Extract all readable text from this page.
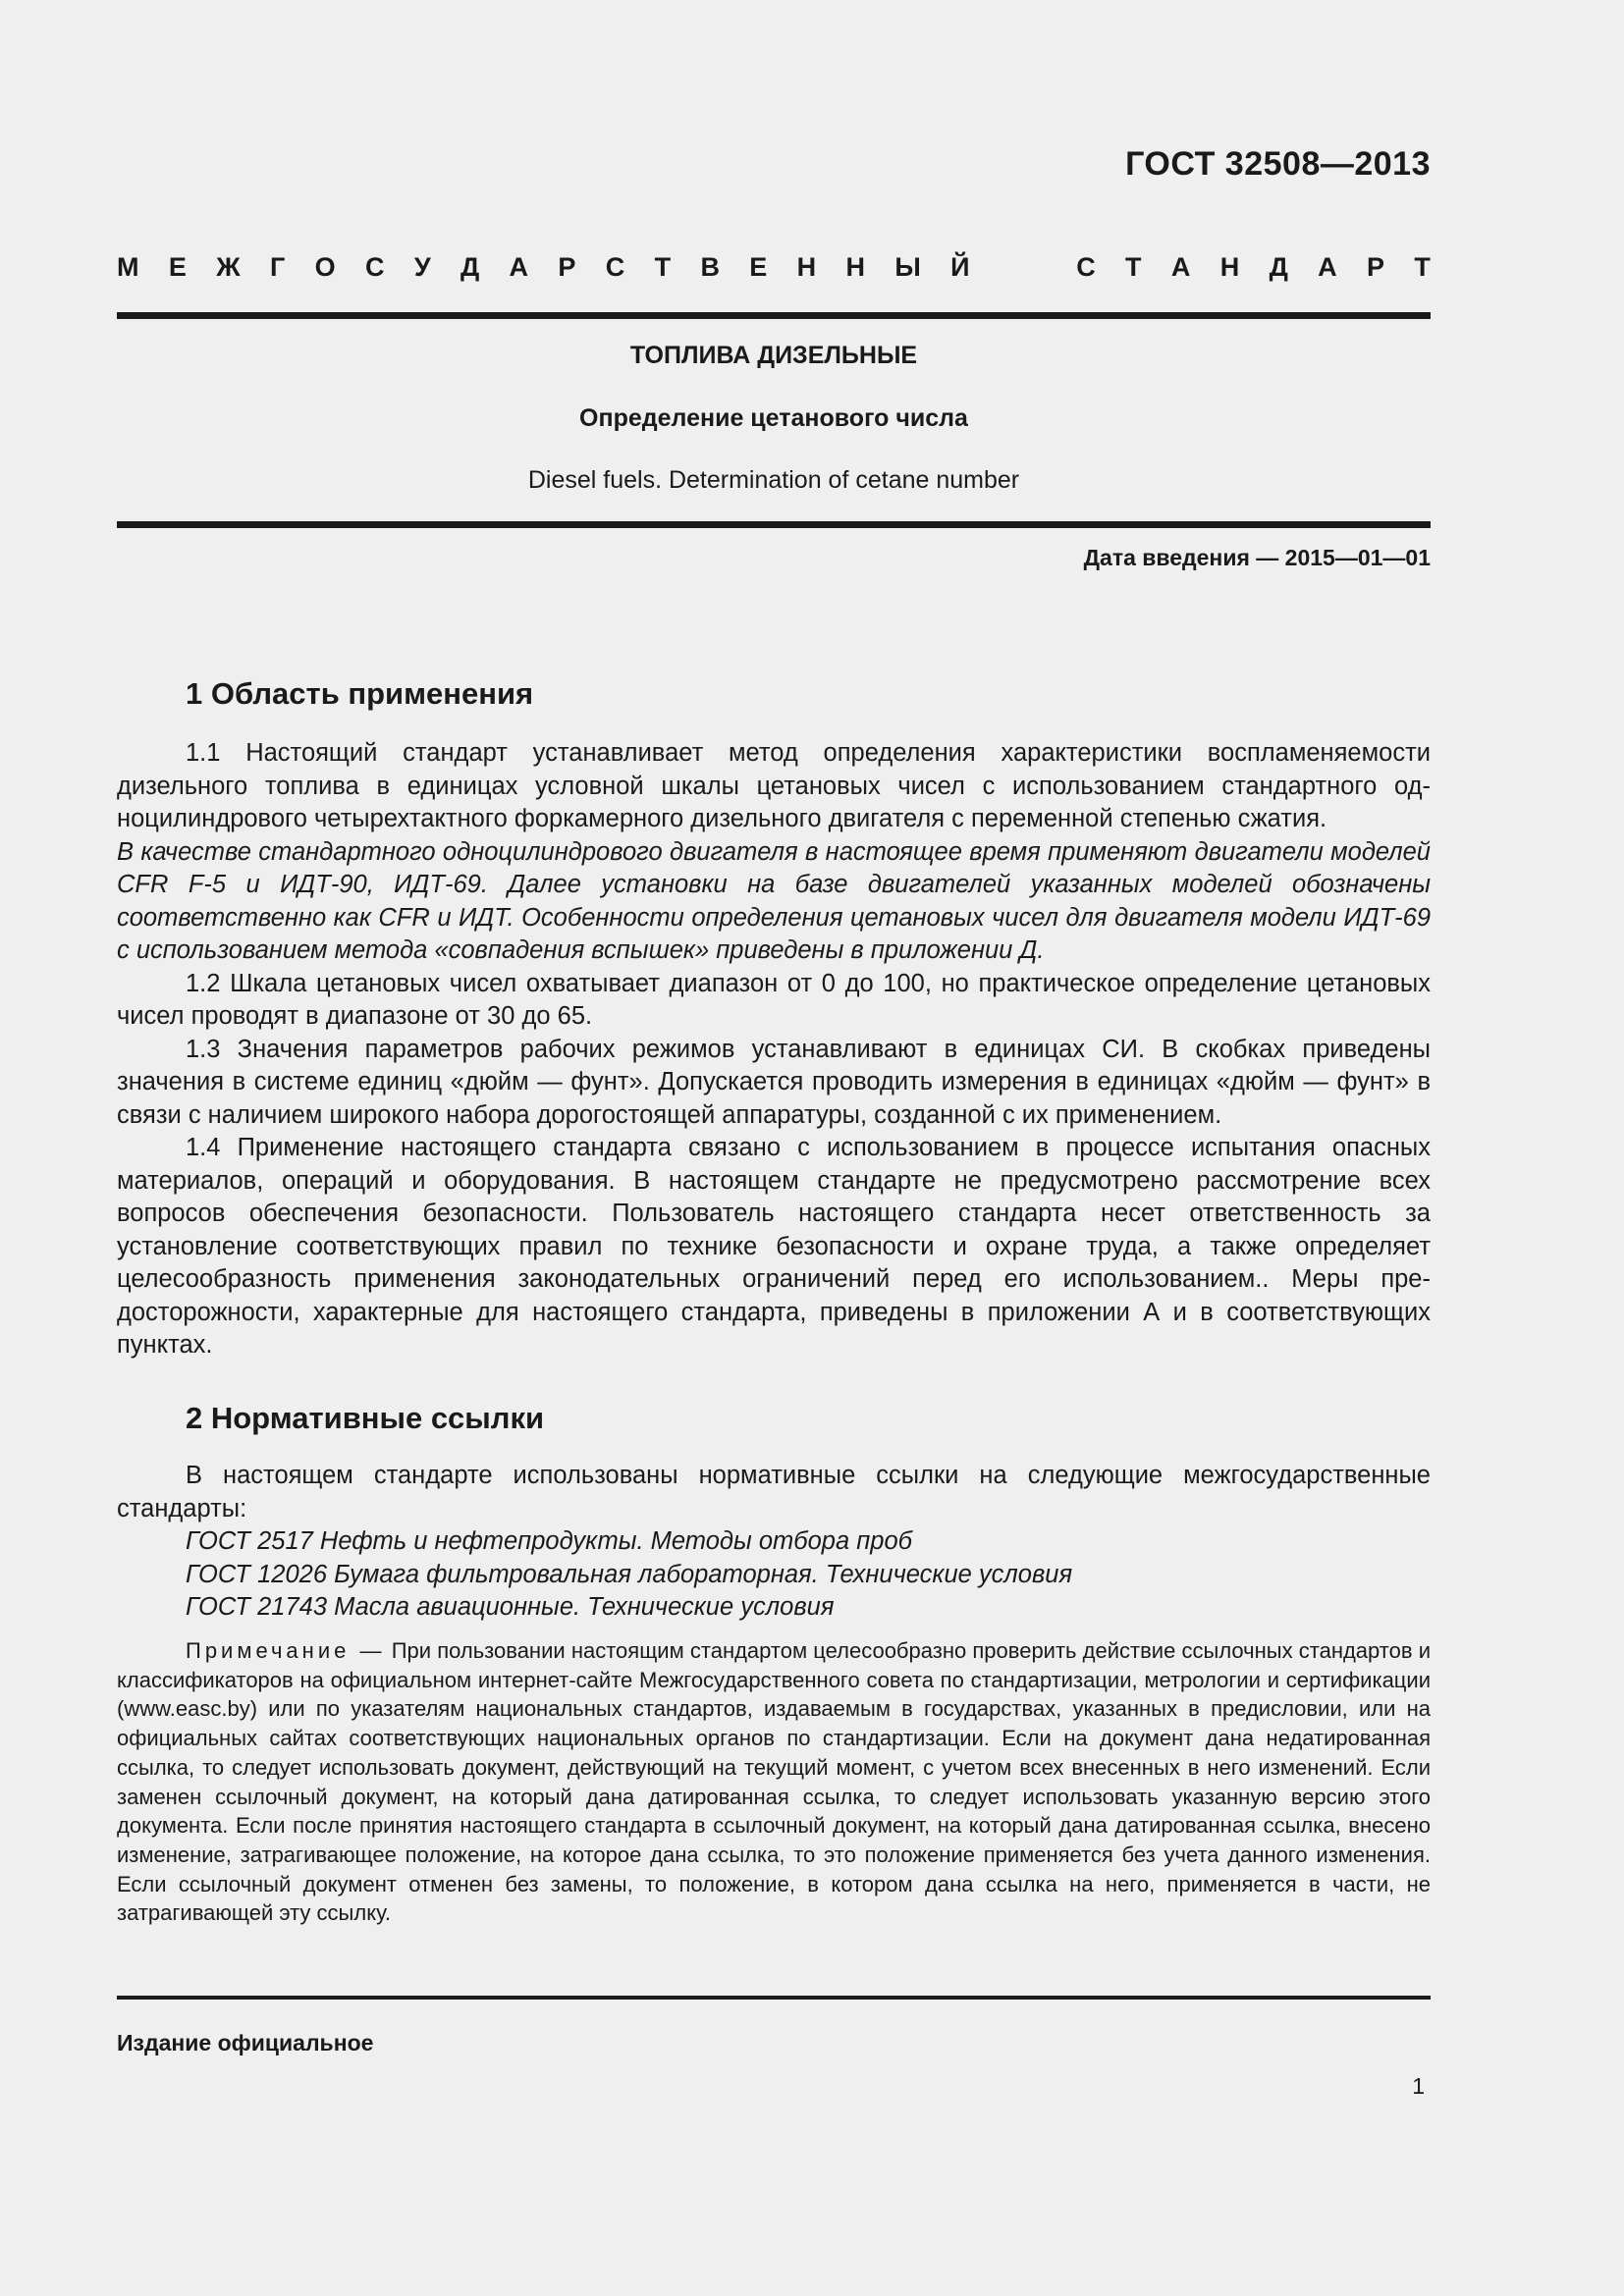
ГОСТ 32508—2013
М Е Ж Г О С У Д А Р С Т В Е Н Н Ы Й	С Т А Н Д А Р Т
ТОПЛИВА ДИЗЕЛЬНЫЕ
Определение цетанового числа
Diesel fuels. Determination of cetane number
Дата введения — 2015—01—01
1 Область применения

1.1 Настоящий стандарт устанавливает метод определения характеристики воспламеняемости дизельного топлива в единицах условной шкалы цетановых чисел с использованием стандартного одноцилиндрового четырехтактного форкамерного дизельного двигателя с переменной степенью сжатия.

В качестве стандартного одноцилиндрового двигателя в настоящее время применяют двигатели моделей CFR F-5 и ИДТ-90, ИДТ-69. Далее установки на базе двигателей указанных моделей обозначены соответственно как CFR и ИДТ. Особенности определения цетановых чисел для двигателя модели ИДТ-69 с использованием метода «совпадения вспышек» приведены в приложении Д.

1.2 Шкала цетановых чисел охватывает диапазон от 0 до 100, но практическое определение цетановых чисел проводят в диапазоне от 30 до 65.

1.3 Значения параметров рабочих режимов устанавливают в единицах СИ. В скобках приведены значения в системе единиц «дюйм — фунт». Допускается проводить измерения в единицах «дюйм — фунт» в связи с наличием широкого набора дорогостоящей аппаратуры, созданной с их применением.

1.4 Применение настоящего стандарта связано с использованием в процессе испытания опасных материалов, операций и оборудования. В настоящем стандарте не предусмотрено рассмотрение всех вопросов обеспечения безопасности. Пользователь настоящего стандарта несет ответственность за установление соответствующих правил по технике безопасности и охране труда, а также определяет целесообразность применения законодательных ограничений перед его использованием.. Меры предосторожности, характерные для настоящего стандарта, приведены в приложении А и в соответствующих пунктах.

2 Нормативные ссылки

В настоящем стандарте использованы нормативные ссылки на следующие межгосударственные стандарты:

ГОСТ 2517 Нефть и нефтепродукты. Методы отбора проб
ГОСТ 12026 Бумага фильтровальная лабораторная. Технические условия
ГОСТ 21743 Масла авиационные. Технические условия

Примечание — При пользовании настоящим стандартом целесообразно проверить действие ссылочных стандартов и классификаторов на официальном интернет-сайте Межгосударственного совета по стандартизации, метрологии и сертификации (www.easc.by) или по указателям национальных стандартов, издаваемым в государствах, указанных в предисловии, или на официальных сайтах соответствующих национальных органов по стандартизации. Если на документ дана недатированная ссылка, то следует использовать документ, действующий на текущий момент, с учетом всех внесенных в него изменений. Если заменен ссылочный документ, на который дана датированная ссылка, то следует использовать указанную версию этого документа. Если после принятия настоящего стандарта в ссылочный документ, на который дана датированная ссылка, внесено изменение, затрагивающее положение, на которое дана ссылка, то это положение применяется без учета данного изменения. Если ссылочный документ отменен без замены, то положение, в котором дана ссылка на него, применяется в части, не затрагивающей эту ссылку.

Издание официальное
1
